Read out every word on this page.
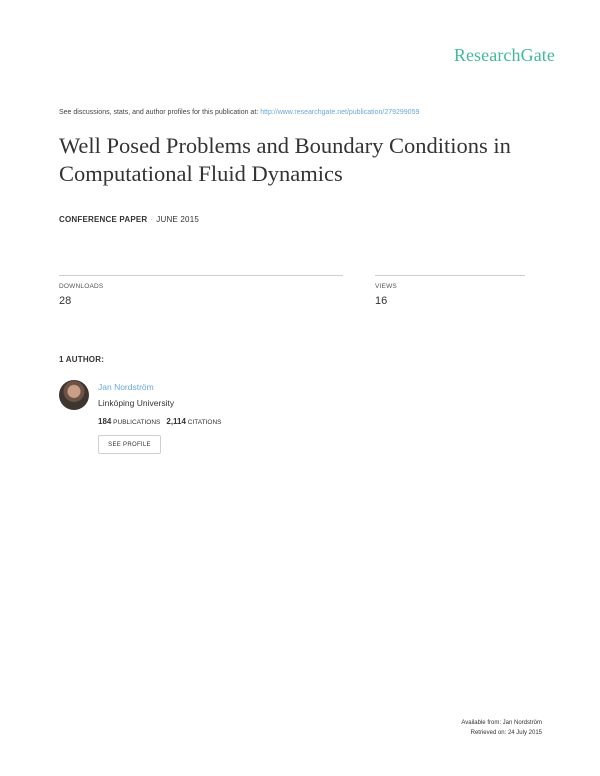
ResearchGate
See discussions, stats, and author profiles for this publication at: http://www.researchgate.net/publication/279299059
Well Posed Problems and Boundary Conditions in Computational Fluid Dynamics
CONFERENCE PAPER · JUNE 2015
DOWNLOADS
28
VIEWS
16
1 AUTHOR:
Jan Nordström
Linköping University
184 PUBLICATIONS 2,114 CITATIONS
SEE PROFILE
Available from: Jan Nordström
Retrieved on: 24 July 2015
